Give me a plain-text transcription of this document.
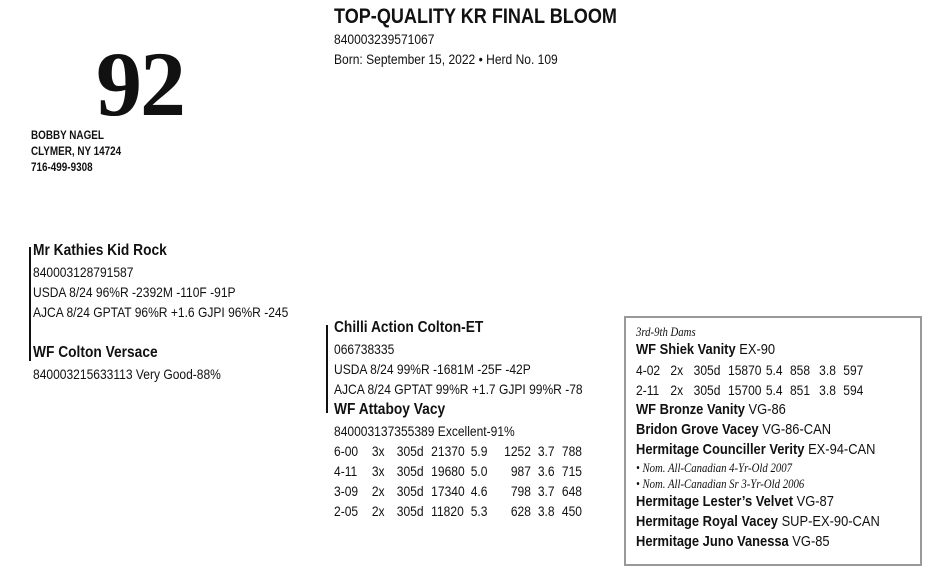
92
BOBBY NAGEL
CLYMER, NY 14724
716-499-9308
TOP-QUALITY KR FINAL BLOOM
840003239571067
Born: September 15, 2022 • Herd No. 109
Mr Kathies Kid Rock
840003128791587
USDA 8/24 96%R -2392M -110F -91P
AJCA 8/24 GPTAT 96%R +1.6 GJPI 96%R -245
WF Colton Versace
840003215633113 Very Good-88%
Chilli Action Colton-ET
066738335
USDA 8/24 99%R -1681M -25F -42P
AJCA 8/24 GPTAT 99%R +1.7 GJPI 99%R -78
WF Attaboy Vacy
840003137355389 Excellent-91%
6-00	3x	305d	21370	5.9	1252	3.7	788
4-11	3x	305d	19680	5.0	987	3.6	715
3-09	2x	305d	17340	4.6	798	3.7	648
2-05	2x	305d	11820	5.3	628	3.8	450
3rd-9th Dams
WF Shiek Vanity EX-90
4-02	2x	305d	15870	5.4	858	3.8	597
2-11	2x	305d	15700	5.4	851	3.8	594
WF Bronze Vanity VG-86
Bridon Grove Vacey VG-86-CAN
Hermitage Counciller Verity EX-94-CAN
• Nom. All-Canadian 4-Yr-Old 2007
• Nom. All-Canadian Sr 3-Yr-Old 2006
Hermitage Lester’s Velvet VG-87
Hermitage Royal Vacey SUP-EX-90-CAN
Hermitage Juno Vanessa VG-85
